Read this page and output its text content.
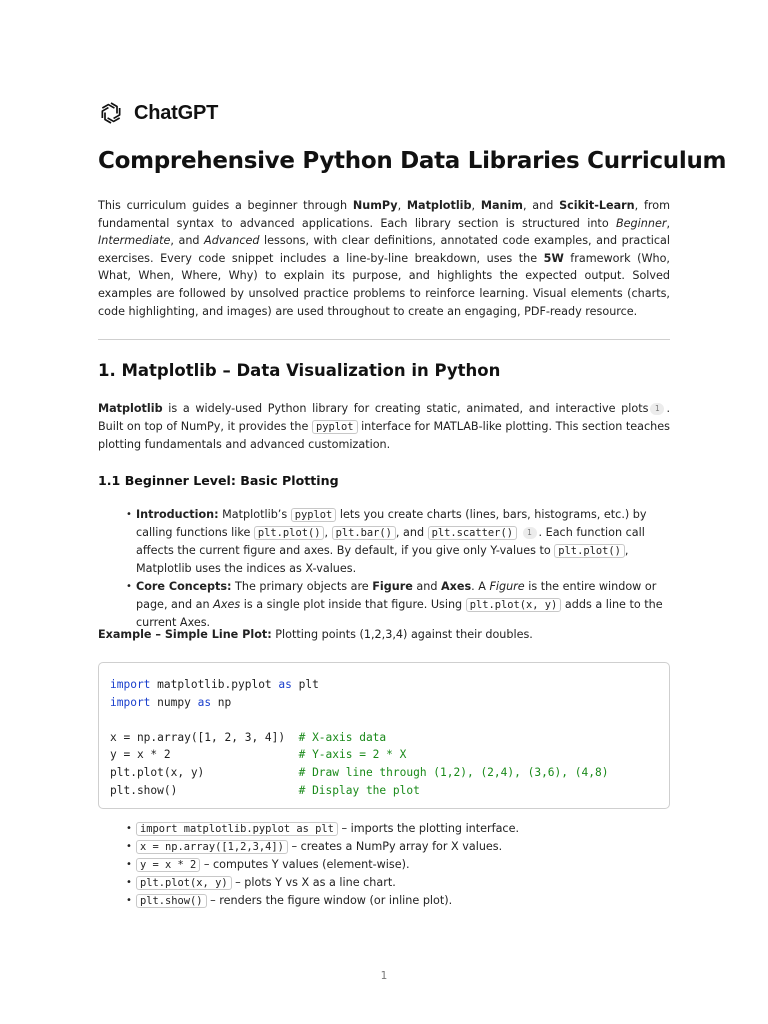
ChatGPT
Comprehensive Python Data Libraries Curriculum

This curriculum guides a beginner through NumPy, Matplotlib, Manim, and Scikit-Learn, from fundamental syntax to advanced applications. Each library section is structured into Beginner, Intermediate, and Advanced lessons, with clear definitions, annotated code examples, and practical exercises. Every code snippet includes a line-by-line breakdown, uses the 5W framework (Who, What, When, Where, Why) to explain its purpose, and highlights the expected output. Solved examples are followed by unsolved practice problems to reinforce learning. Visual elements (charts, code highlighting, and images) are used throughout to create an engaging, PDF-ready resource.

1. Matplotlib – Data Visualization in Python

Matplotlib is a widely-used Python library for creating static, animated, and interactive plots 1 . Built on top of NumPy, it provides the pyplot interface for MATLAB-like plotting. This section teaches plotting fundamentals and advanced customization.

1.1 Beginner Level: Basic Plotting
• Introduction: Matplotlib’s pyplot lets you create charts (lines, bars, histograms, etc.) by calling functions like plt.plot() , plt.bar() , and plt.scatter() 1 . Each function call affects the current figure and axes. By default, if you give only Y-values to plt.plot() , Matplotlib uses the indices as X-values.
• Core Concepts: The primary objects are Figure and Axes. A Figure is the entire window or page, and an Axes is a single plot inside that figure. Using plt.plot(x, y) adds a line to the current Axes.
Example – Simple Line Plot: Plotting points (1,2,3,4) against their doubles.
import matplotlib.pyplot as plt
import numpy as np

x = np.array([1, 2, 3, 4])  # X-axis data
y = x * 2                   # Y-axis = 2 * X
plt.plot(x, y)              # Draw line through (1,2), (2,4), (3,6), (4,8)
plt.show()                  # Display the plot
• import matplotlib.pyplot as plt – imports the plotting interface.
• x = np.array([1,2,3,4]) – creates a NumPy array for X values.
• y = x * 2 – computes Y values (element-wise).
• plt.plot(x, y) – plots Y vs X as a line chart.
• plt.show() – renders the figure window (or inline plot).
1
